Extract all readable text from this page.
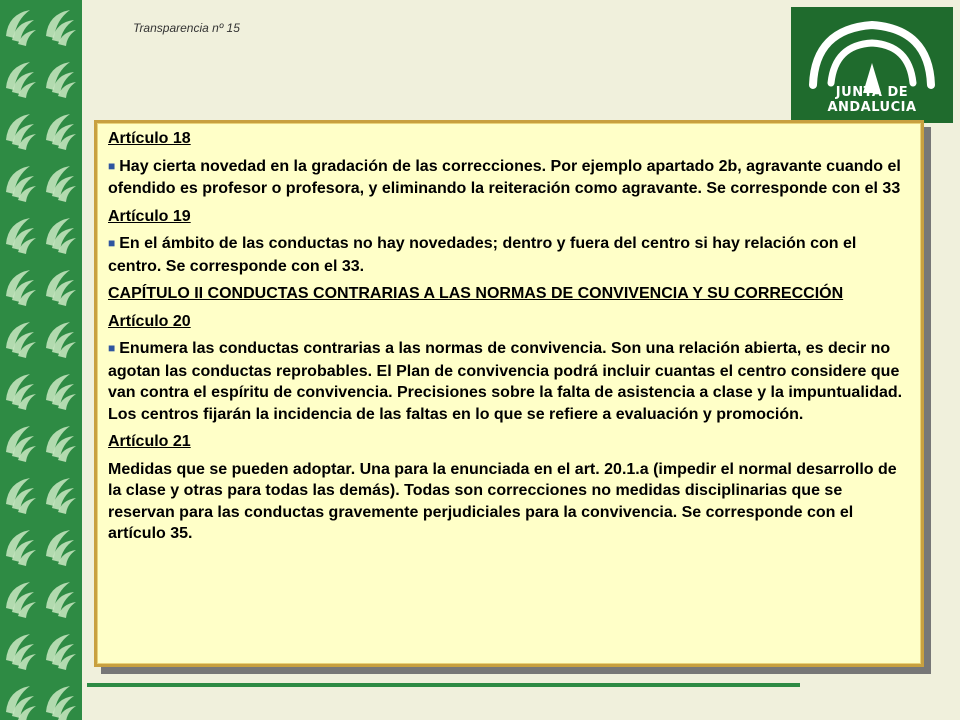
Transparencia nº 15
JUNTA DE ANDALUCIA

Artículo 18

■ Hay cierta novedad en la gradación de las correcciones. Por ejemplo apartado 2b, agravante cuando el ofendido es profesor o profesora, y eliminando la reiteración como agravante. Se corresponde con el 33

Artículo 19

■ En el ámbito de las conductas no hay novedades; dentro y fuera del centro si hay relación con el centro. Se corresponde con el 33.

CAPÍTULO II CONDUCTAS CONTRARIAS A LAS NORMAS DE CONVIVENCIA Y SU CORRECCIÓN

Artículo 20

■ Enumera las conductas contrarias a las normas de convivencia. Son una relación abierta, es decir no agotan las conductas reprobables. El Plan de convivencia podrá incluir cuantas el centro considere que van contra el espíritu de convivencia. Precisiones sobre la falta de asistencia a clase y la impuntualidad. Los centros fijarán la incidencia de las faltas en lo que se refiere a evaluación y promoción.

Artículo 21

Medidas que se pueden adoptar. Una para la enunciada en el art. 20.1.a (impedir el normal desarrollo de la clase y otras para todas las demás). Todas son correcciones no medidas disciplinarias que se reservan para las conductas gravemente perjudiciales para la convivencia. Se corresponde con el artículo 35.
